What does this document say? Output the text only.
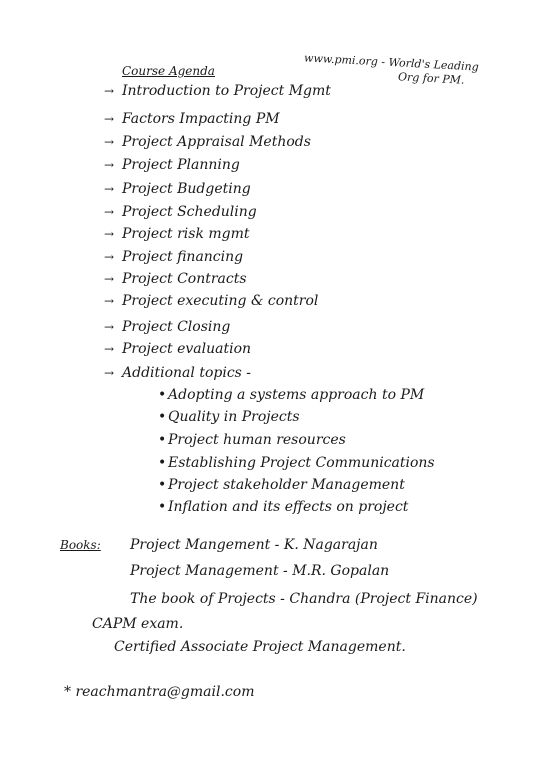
Course Agenda	www.pmi.org - World's Leading
Org for PM.
→ Introduction to Project Mgmt
→ Factors Impacting PM
→ Project Appraisal Methods
→ Project Planning
→ Project Budgeting
→ Project Scheduling
→ Project risk mgmt
→ Project financing
→ Project Contracts
→ Project executing & control
→ Project Closing
→ Project evaluation
→ Additional topics -
• Adopting a systems approach to PM
• Quality in Projects
• Project human resources
• Establishing Project Communications
• Project stakeholder Management
• Inflation and its effects on project
Books: Project Mangement - K. Nagarajan
Project Management - M.R. Gopalan
The book of Projects - Chandra (Project Finance)
CAPM exam.
Certified Associate Project Management.
* reachmantra@gmail.com
